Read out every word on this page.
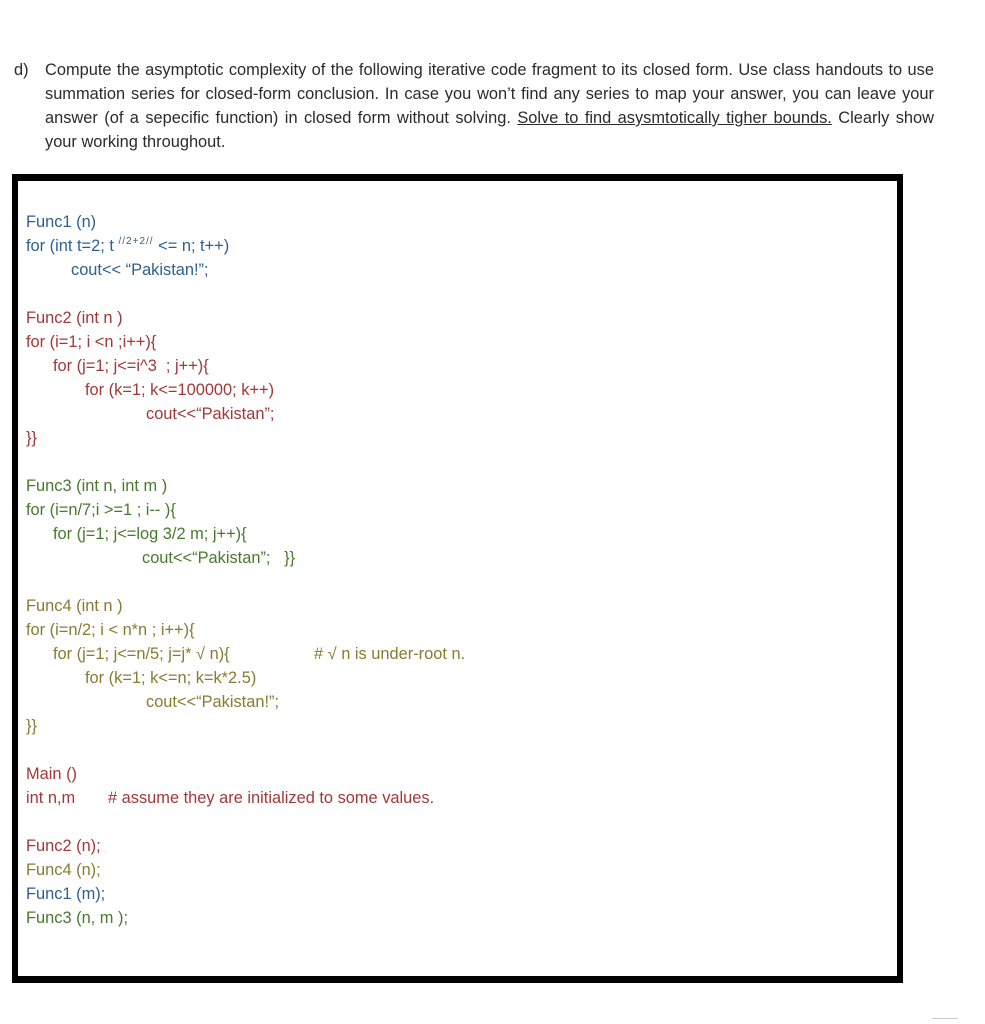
d)	Compute the asymptotic complexity of the following iterative code fragment to its closed form. Use class handouts to use summation series for closed-form conclusion. In case you won’t find any series to map your answer, you can leave your answer (of a sepecific function) in closed form without solving. Solve to find asysmtotically tigher bounds. Clearly show your working throughout.
Func1 (n)
for (int t=2; t $^{//2+2//}$ <= n; t++)
cout<< “Pakistan!”;
Func2 (int n )
for (i=1; i <n ;i++){
for (j=1; j<=i^3  ; j++){
for (k=1; k<=100000; k++)
cout<<“Pakistan”;
}}
Func3 (int n, int m )
for (i=n/7;i >=1 ; i-- ){
for (j=1; j<=log 3/2 m; j++){
cout<<“Pakistan”;   }}
Func4 (int n )
for (i=n/2; i < n*n ; i++){
for (j=1; j<=n/5; j=j* √ n){	# √ n is under-root n.
for (k=1; k<=n; k=k*2.5)
cout<<“Pakistan!”;
}}
Main ()
int n,m # assume they are initialized to some values.
Func2 (n);
Func4 (n);
Func1 (m);
Func3 (n, m );
